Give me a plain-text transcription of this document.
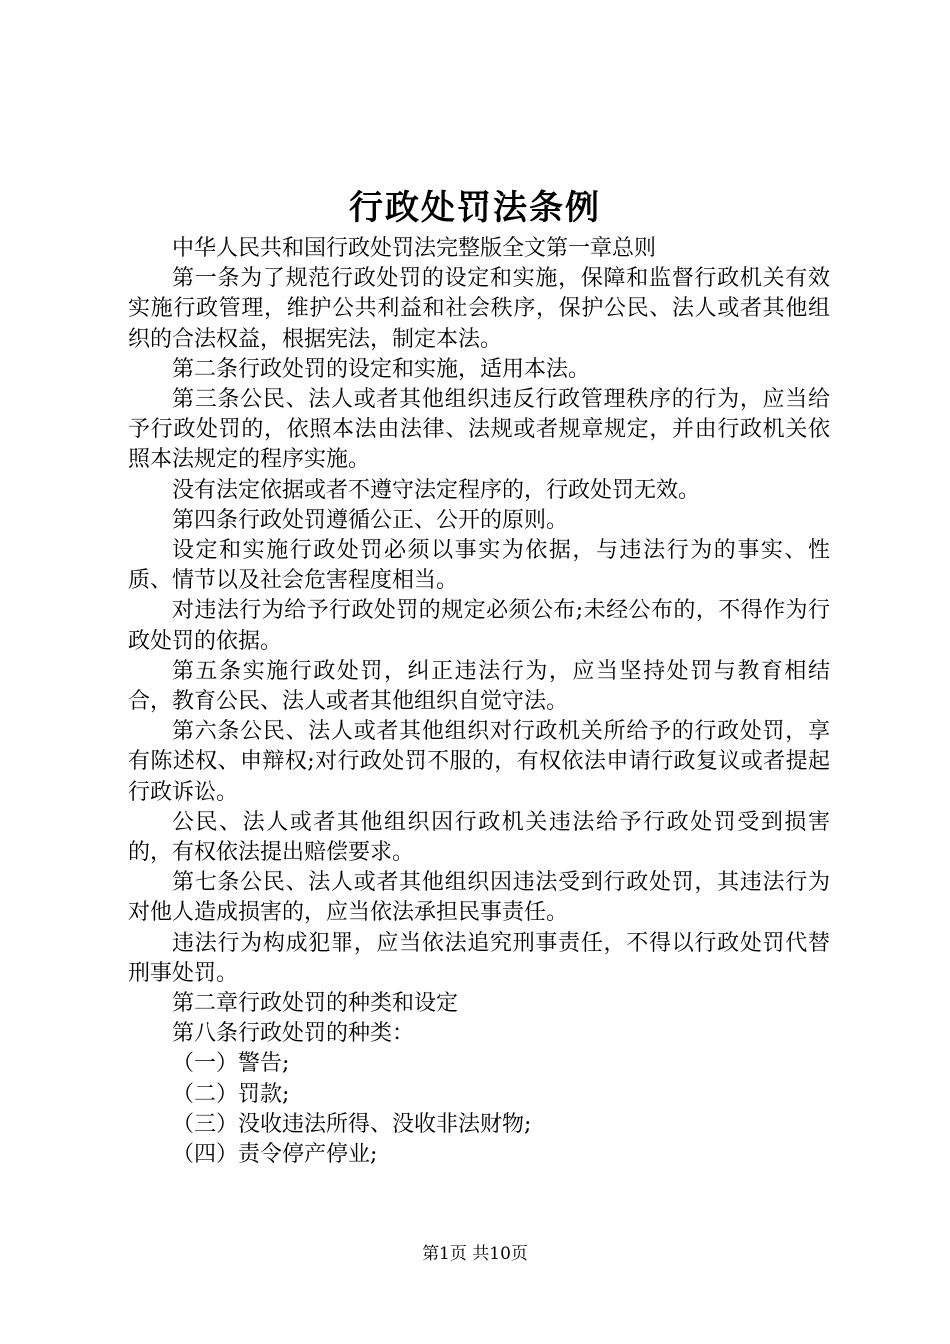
行政处罚法条例

中华人民共和国行政处罚法完整版全文第一章总则

第一条为了规范行政处罚的设定和实施，保障和监督行政机关有效实施行政管理，维护公共利益和社会秩序，保护公民、法人或者其他组织的合法权益，根据宪法，制定本法。

第二条行政处罚的设定和实施，适用本法。

第三条公民、法人或者其他组织违反行政管理秩序的行为，应当给予行政处罚的，依照本法由法律、法规或者规章规定，并由行政机关依照本法规定的程序实施。

没有法定依据或者不遵守法定程序的，行政处罚无效。

第四条行政处罚遵循公正、公开的原则。

设定和实施行政处罚必须以事实为依据，与违法行为的事实、性质、情节以及社会危害程度相当。

对违法行为给予行政处罚的规定必须公布;未经公布的，不得作为行政处罚的依据。

第五条实施行政处罚，纠正违法行为，应当坚持处罚与教育相结合，教育公民、法人或者其他组织自觉守法。

第六条公民、法人或者其他组织对行政机关所给予的行政处罚，享有陈述权、申辩权;对行政处罚不服的，有权依法申请行政复议或者提起行政诉讼。

公民、法人或者其他组织因行政机关违法给予行政处罚受到损害的，有权依法提出赔偿要求。

第七条公民、法人或者其他组织因违法受到行政处罚，其违法行为对他人造成损害的，应当依法承担民事责任。

违法行为构成犯罪，应当依法追究刑事责任，不得以行政处罚代替刑事处罚。

第二章行政处罚的种类和设定

第八条行政处罚的种类：

（一）警告;

（二）罚款;

（三）没收违法所得、没收非法财物;

（四）责令停产停业;

第1页 共10页
